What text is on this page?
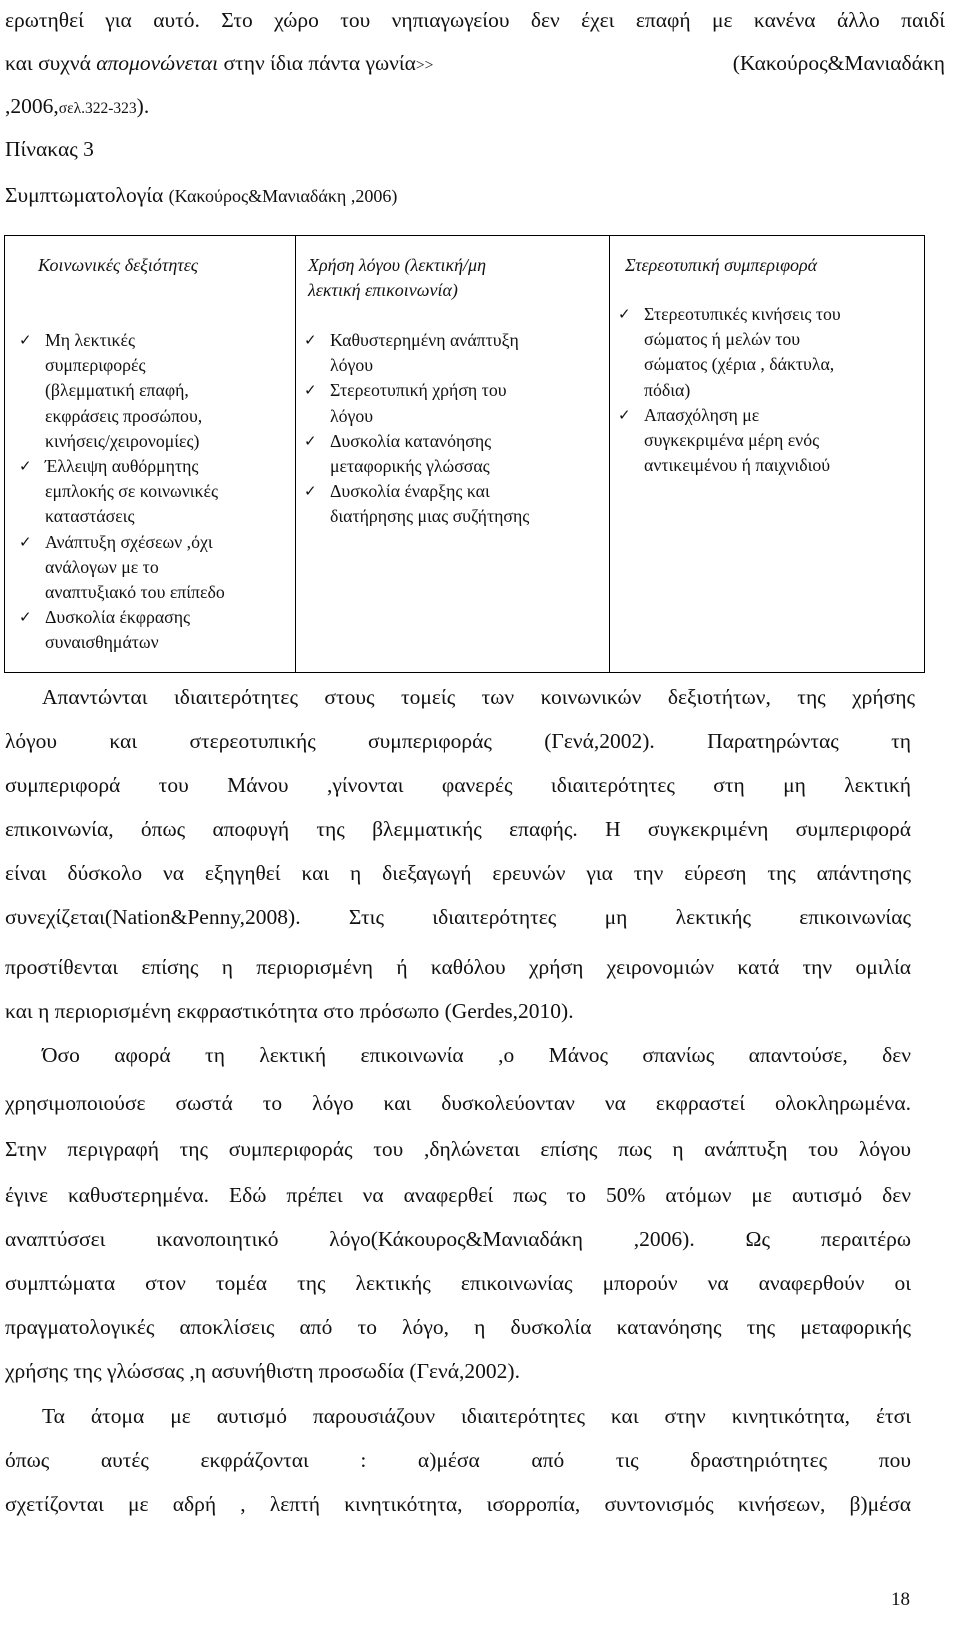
ερωτηθεί για αυτό. Στο χώρο του νηπιαγωγείου δεν έχει επαφή με κανένα άλλο παιδί
και συχνά απομονώνεται στην ίδια πάντα γωνία>>	(Κακούρος&Μανιαδάκη
,2006,σελ.322-323).
Πίνακας 3
Συμπτωματολογία (Κακούρος&Μανιαδάκη ,2006)
Κοινωνικές δεξιότητες
✓ Μη λεκτικές
συμπεριφορές
(βλεμματική επαφή,
εκφράσεις προσώπου,
κινήσεις/χειρονομίες)
✓ Έλλειψη αυθόρμητης
εμπλοκής σε κοινωνικές
καταστάσεις
✓ Ανάπτυξη σχέσεων ,όχι
ανάλογων με το
αναπτυξιακό του επίπεδο
✓ Δυσκολία έκφρασης
συναισθημάτων
Χρήση λόγου (λεκτική/μη
λεκτική επικοινωνία)
✓ Καθυστερημένη ανάπτυξη
λόγου
✓ Στερεοτυπική χρήση του
λόγου
✓ Δυσκολία κατανόησης
μεταφορικής γλώσσας
✓ Δυσκολία έναρξης και
διατήρησης μιας συζήτησης
Στερεοτυπική συμπεριφορά
✓ Στερεοτυπικές κινήσεις του
σώματος ή μελών του
σώματος (χέρια , δάκτυλα,
πόδια)
✓ Απασχόληση με
συγκεκριμένα μέρη ενός
αντικειμένου ή παιχνιδιού
Απαντώνται ιδιαιτερότητες στους τομείς των κοινωνικών δεξιοτήτων, της χρήσης
λόγου και στερεοτυπικής συμπεριφοράς (Γενά,2002). Παρατηρώντας τη
συμπεριφορά του Μάνου ,γίνονται φανερές ιδιαιτερότητες στη μη λεκτική
επικοινωνία, όπως αποφυγή της βλεμματικής επαφής. Η συγκεκριμένη συμπεριφορά
είναι δύσκολο να εξηγηθεί και η διεξαγωγή ερευνών για την εύρεση της απάντησης
συνεχίζεται(Nation&Penny,2008). Στις ιδιαιτερότητες μη λεκτικής επικοινωνίας
προστίθενται επίσης η περιορισμένη ή καθόλου χρήση χειρονομιών κατά την ομιλία
και η περιορισμένη εκφραστικότητα στο πρόσωπο (Gerdes,2010).
Όσο αφορά τη λεκτική επικοινωνία ,ο Μάνος σπανίως απαντούσε, δεν
χρησιμοποιούσε σωστά το λόγο και δυσκολεύονταν να εκφραστεί ολοκληρωμένα.
Στην περιγραφή της συμπεριφοράς του ,δηλώνεται επίσης πως η ανάπτυξη του λόγου
έγινε καθυστερημένα. Εδώ πρέπει να αναφερθεί πως το 50% ατόμων με αυτισμό δεν
αναπτύσσει ικανοποιητικό λόγο(Κάκουρος&Μανιαδάκη ,2006). Ως περαιτέρω
συμπτώματα στον τομέα της λεκτικής επικοινωνίας μπορούν να αναφερθούν οι
πραγματολογικές αποκλίσεις από το λόγο, η δυσκολία κατανόησης της μεταφορικής
χρήσης της γλώσσας ,η ασυνήθιστη προσωδία (Γενά,2002).
Τα άτομα με αυτισμό παρουσιάζουν ιδιαιτερότητες και στην κινητικότητα, έτσι
όπως αυτές εκφράζονται : α)μέσα από τις δραστηριότητες που
σχετίζονται με αδρή , λεπτή κινητικότητα, ισορροπία, συντονισμός κινήσεων, β)μέσα
18
